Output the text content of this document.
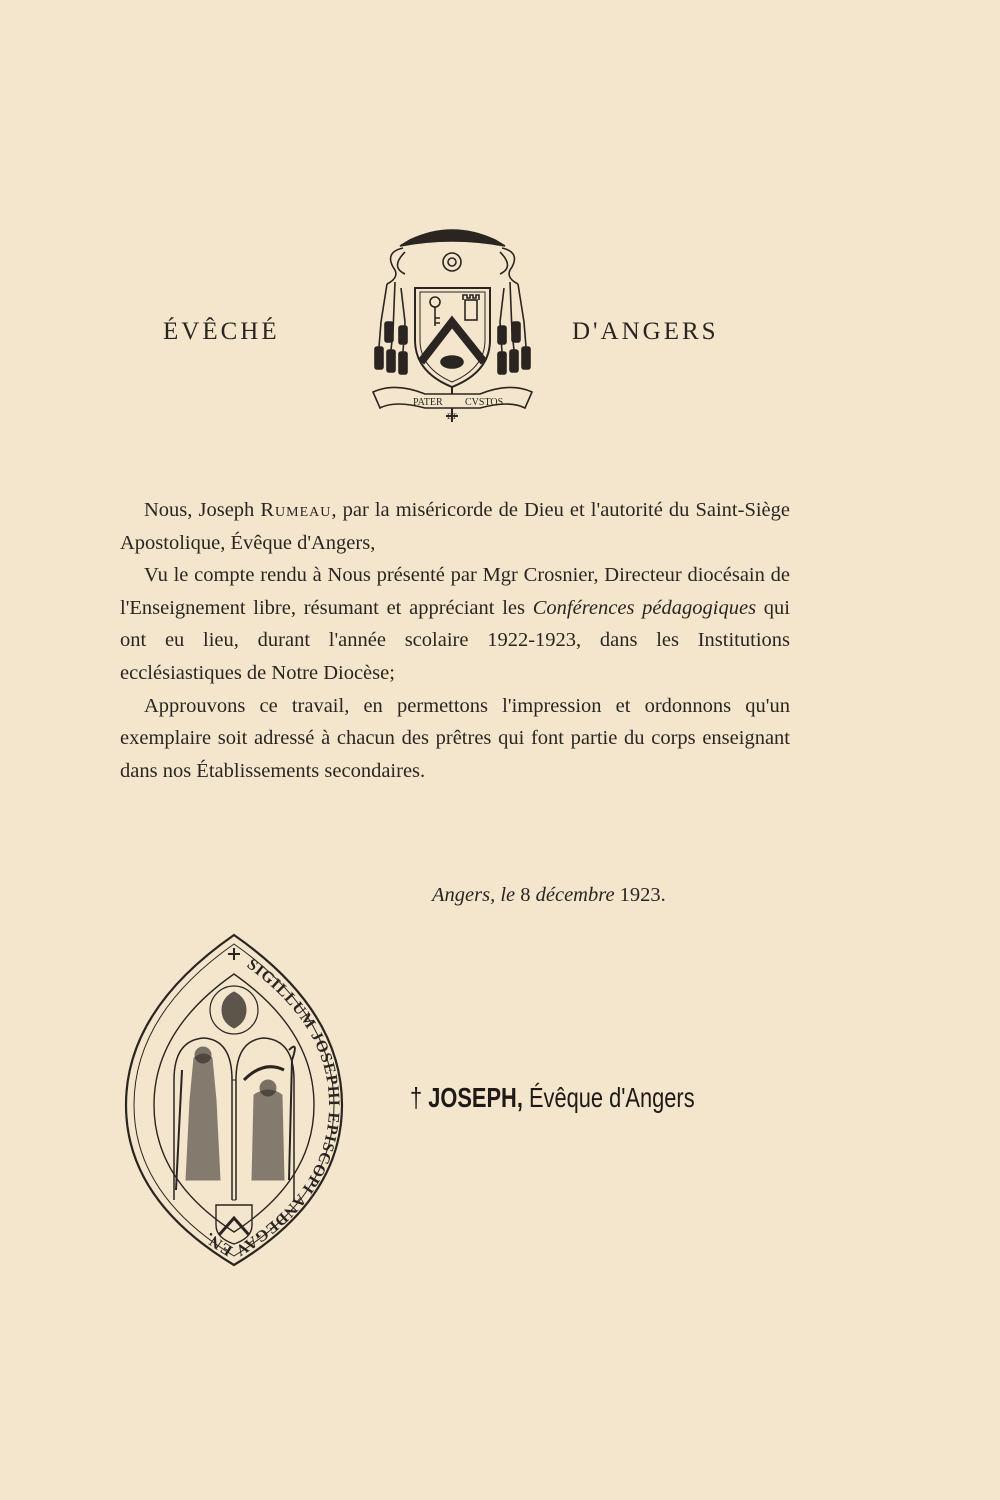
ÉVÊCHÉ
PATER
ET
CVSTOS
D'ANGERS

Nous, Joseph Rumeau, par la miséricorde de Dieu et l'autorité du Saint-Siège Apostolique, Évêque d'Angers,

Vu le compte rendu à Nous présenté par Mgr Crosnier, Directeur diocésain de l'Enseignement libre, résumant et appréciant les Conférences pédagogiques qui ont eu lieu, durant l'année scolaire 1922-1923, dans les Institutions ecclésiastiques de Notre Diocèse;

Approuvons ce travail, en permettons l'impression et ordonnons qu'un exemplaire soit adressé à chacun des prêtres qui font partie du corps enseignant dans nos Établissements secondaires.

Angers, le 8 décembre 1923.
SIGILLUM JOSEPHI EPISCOPI ANDEGAVEN.
† JOSEPH, Évêque d'Angers
